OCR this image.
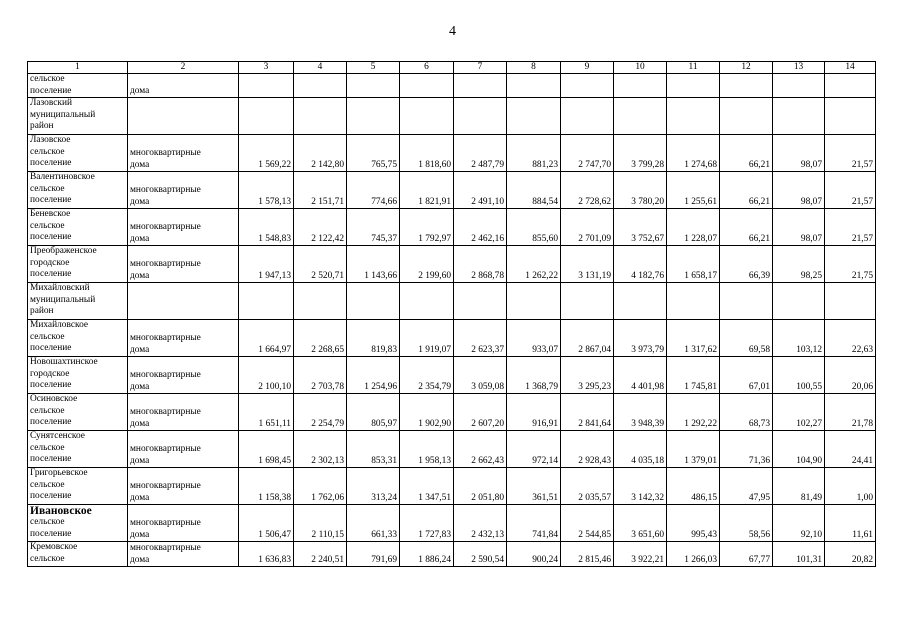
4
1	2	3	4	5	6	7	8	9	10	11	12	13	14

сельское
поселение	дома												

Лазовский
муниципальный
район													

Лазовское
сельское
поселение	многоквартирные
дома	1 569,22	2 142,80	765,75	1 818,60	2 487,79	881,23	2 747,70	3 799,28	1 274,68	66,21	98,07	21,57

Валентиновское
сельское
поселение	многоквартирные
дома	1 578,13	2 151,71	774,66	1 821,91	2 491,10	884,54	2 728,62	3 780,20	1 255,61	66,21	98,07	21,57

Беневское
сельское
поселение	многоквартирные
дома	1 548,83	2 122,42	745,37	1 792,97	2 462,16	855,60	2 701,09	3 752,67	1 228,07	66,21	98,07	21,57

Преображенское
городское
поселение	многоквартирные
дома	1 947,13	2 520,71	1 143,66	2 199,60	2 868,78	1 262,22	3 131,19	4 182,76	1 658,17	66,39	98,25	21,75

Михайловский
муниципальный
район													

Михайловское
сельское
поселение	многоквартирные
дома	1 664,97	2 268,65	819,83	1 919,07	2 623,37	933,07	2 867,04	3 973,79	1 317,62	69,58	103,12	22,63

Новошахтинское
городское
поселение	многоквартирные
дома	2 100,10	2 703,78	1 254,96	2 354,79	3 059,08	1 368,79	3 295,23	4 401,98	1 745,81	67,01	100,55	20,06

Осиновское
сельское
поселение	многоквартирные
дома	1 651,11	2 254,79	805,97	1 902,90	2 607,20	916,91	2 841,64	3 948,39	1 292,22	68,73	102,27	21,78

Сунятсенское
сельское
поселение	многоквартирные
дома	1 698,45	2 302,13	853,31	1 958,13	2 662,43	972,14	2 928,43	4 035,18	1 379,01	71,36	104,90	24,41

Григорьевское
сельское
поселение	многоквартирные
дома	1 158,38	1 762,06	313,24	1 347,51	2 051,80	361,51	2 035,57	3 142,32	486,15	47,95	81,49	1,00

Ивановское
сельское
поселение	многоквартирные
дома	1 506,47	2 110,15	661,33	1 727,83	2 432,13	741,84	2 544,85	3 651,60	995,43	58,56	92,10	11,61

Кремовское
сельское	многоквартирные
дома	1 636,83	2 240,51	791,69	1 886,24	2 590,54	900,24	2 815,46	3 922,21	1 266,03	67,77	101,31	20,82
